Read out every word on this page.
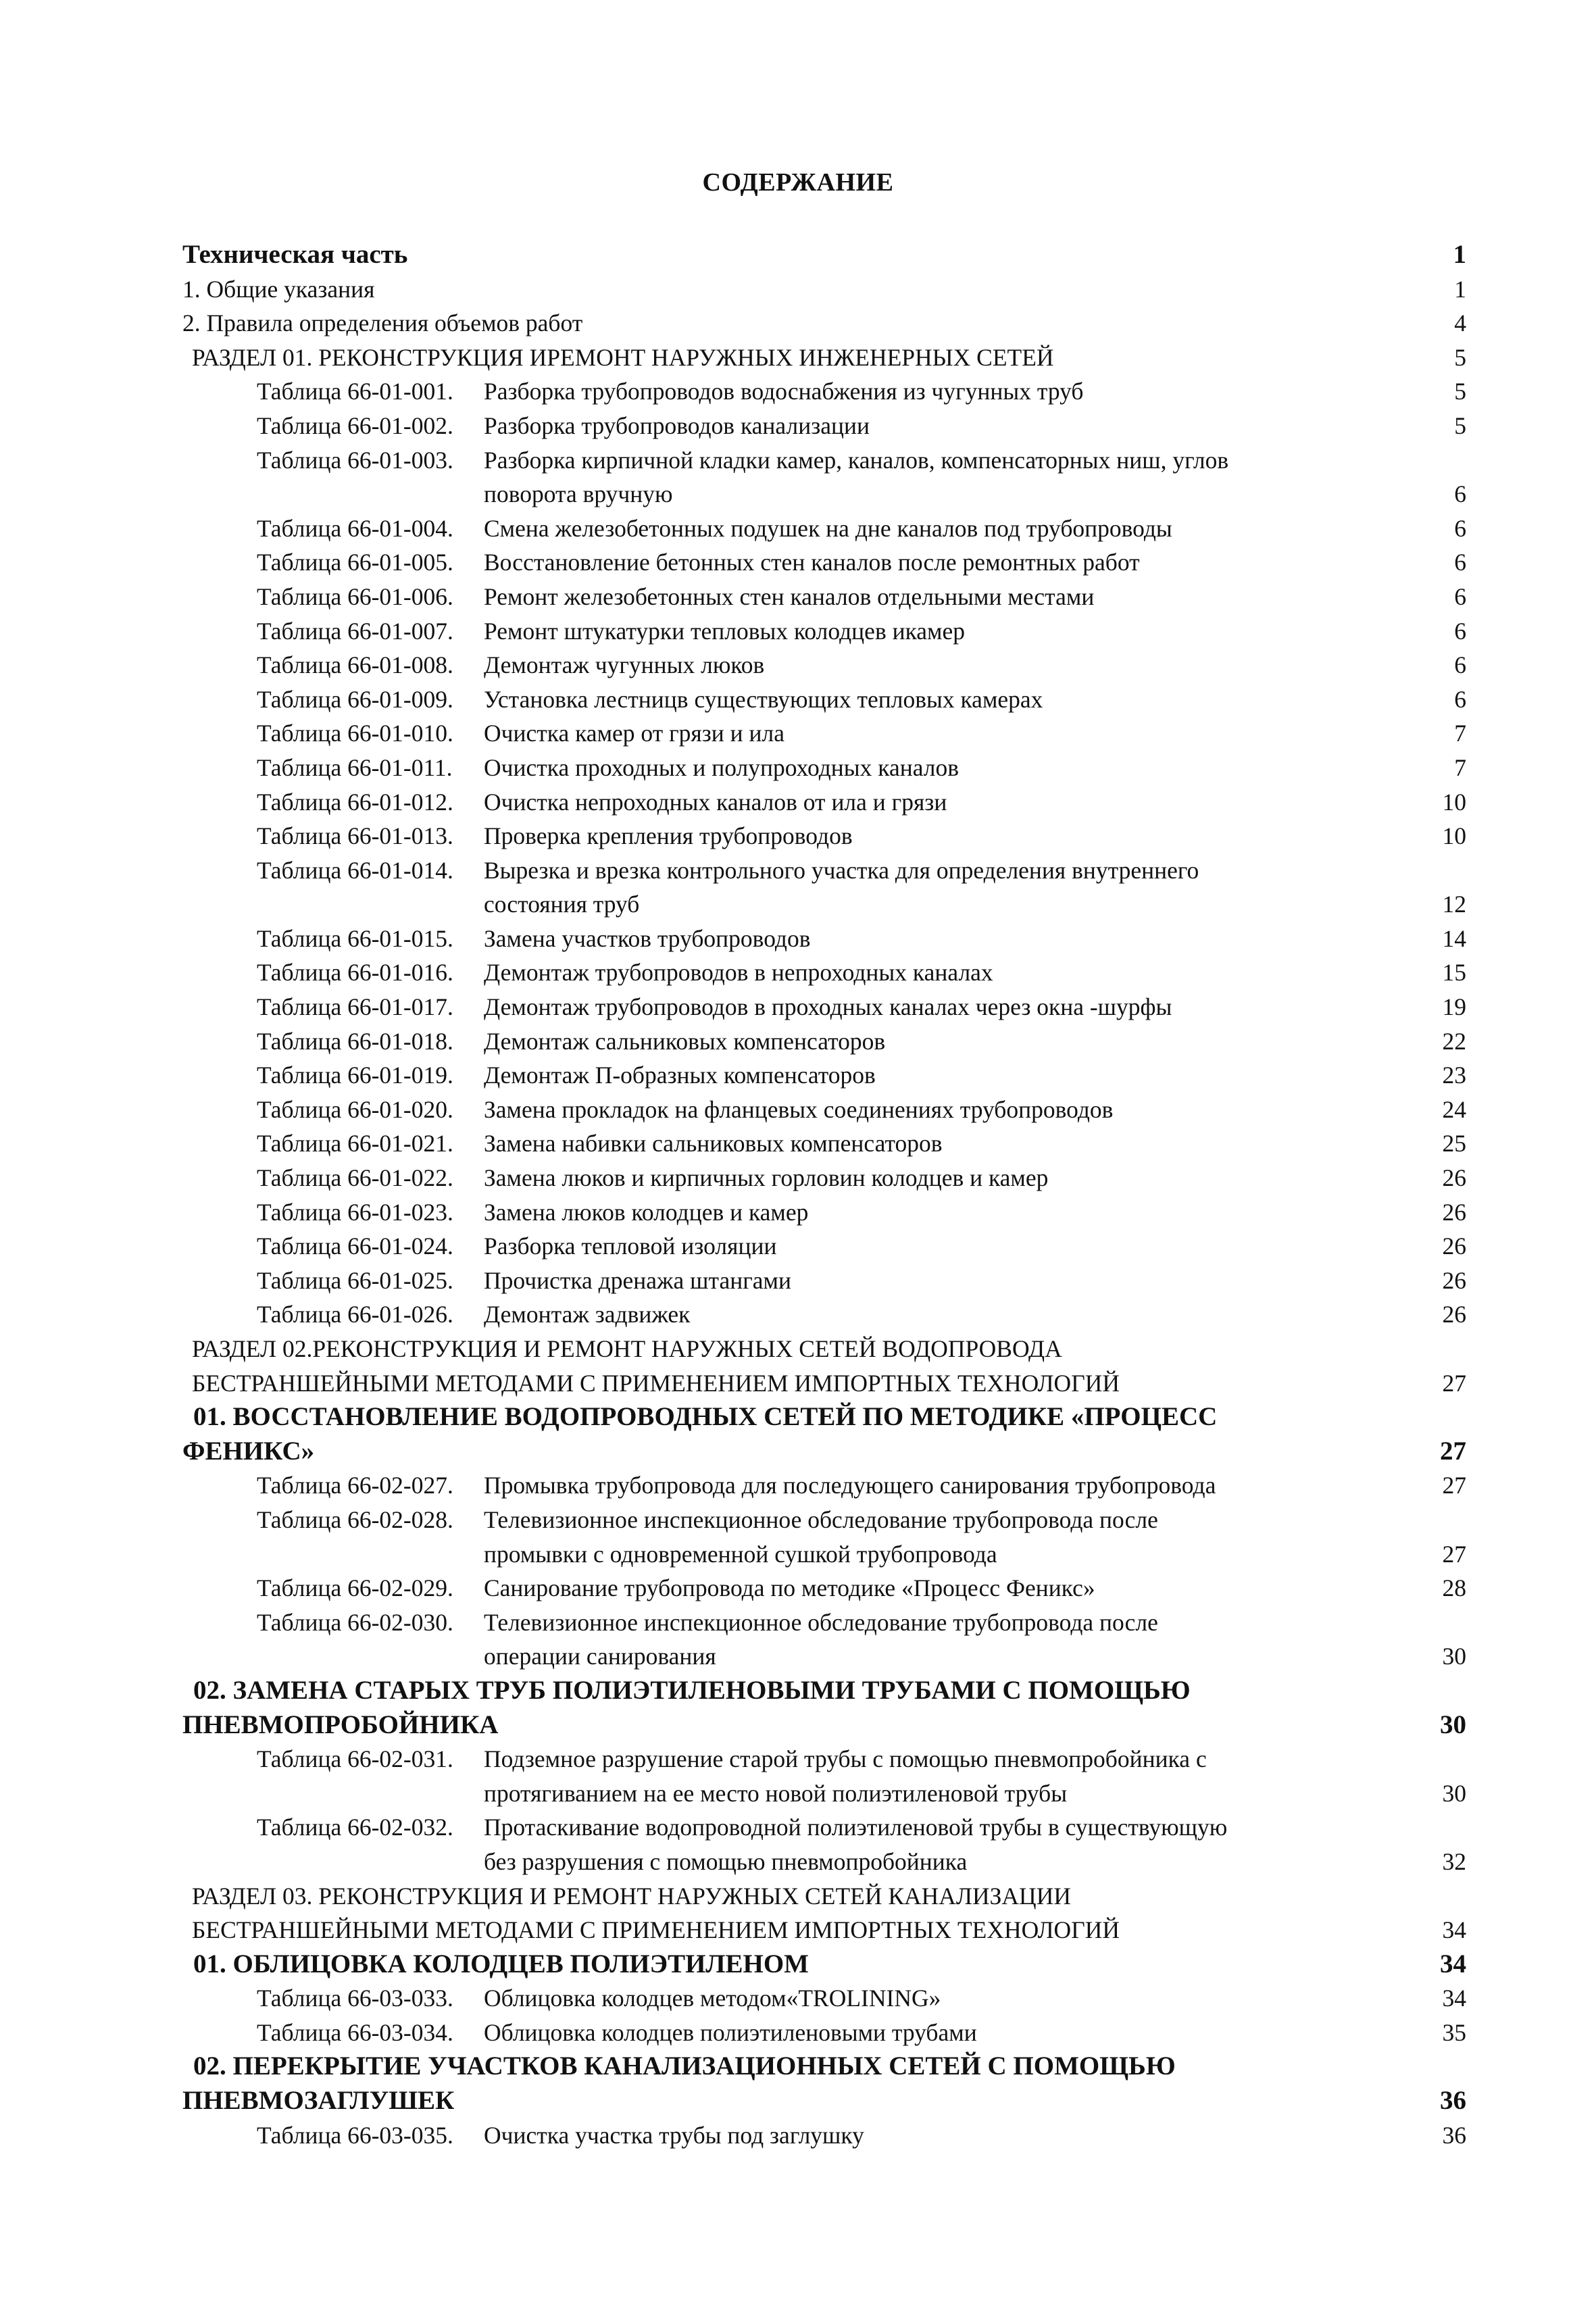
СОДЕРЖАНИЕ
Техническая часть	1
1. Общие указания	1
2. Правила определения объемов работ	4
РАЗДЕЛ 01. РЕКОНСТРУКЦИЯ ИРЕМОНТ НАРУЖНЫХ ИНЖЕНЕРНЫХ СЕТЕЙ	5
Таблица 66-01-001.	Разборка трубопроводов водоснабжения из чугунных труб	5
Таблица 66-01-002.	Разборка трубопроводов канализации	5
Таблица 66-01-003.	Разборка кирпичной кладки камер, каналов, компенсаторных ниш, углов
поворота вручную	6
Таблица 66-01-004.	Смена железобетонных подушек на дне каналов под трубопроводы	6
Таблица 66-01-005.	Восстановление бетонных стен каналов после ремонтных работ	6
Таблица 66-01-006.	Ремонт железобетонных стен каналов отдельными местами	6
Таблица 66-01-007.	Ремонт штукатурки тепловых колодцев икамер	6
Таблица 66-01-008.	Демонтаж чугунных люков	6
Таблица 66-01-009.	Установка лестницв существующих тепловых камерах	6
Таблица 66-01-010.	Очистка камер от грязи и ила	7
Таблица 66-01-011.	Очистка проходных и полупроходных каналов	7
Таблица 66-01-012.	Очистка непроходных каналов от ила и грязи	10
Таблица 66-01-013.	Проверка крепления трубопроводов	10
Таблица 66-01-014.	Вырезка и врезка контрольного участка для определения внутреннего
состояния труб	12
Таблица 66-01-015.	Замена участков трубопроводов	14
Таблица 66-01-016.	Демонтаж трубопроводов в непроходных каналах	15
Таблица 66-01-017.	Демонтаж трубопроводов в проходных каналах через окна -шурфы	19
Таблица 66-01-018.	Демонтаж сальниковых компенсаторов	22
Таблица 66-01-019.	Демонтаж П-образных компенсаторов	23
Таблица 66-01-020.	Замена прокладок на фланцевых соединениях трубопроводов	24
Таблица 66-01-021.	Замена набивки сальниковых компенсаторов	25
Таблица 66-01-022.	Замена люков и кирпичных горловин колодцев и камер	26
Таблица 66-01-023.	Замена люков колодцев и камер	26
Таблица 66-01-024.	Разборка тепловой изоляции	26
Таблица 66-01-025.	Прочистка дренажа штангами	26
Таблица 66-01-026.	Демонтаж задвижек	26
РАЗДЕЛ 02.РЕКОНСТРУКЦИЯ И РЕМОНТ НАРУЖНЫХ СЕТЕЙ ВОДОПРОВОДА
БЕСТРАНШЕЙНЫМИ МЕТОДАМИ С ПРИМЕНЕНИЕМ ИМПОРТНЫХ ТЕХНОЛОГИЙ	27
01. ВОССТАНОВЛЕНИЕ ВОДОПРОВОДНЫХ СЕТЕЙ ПО МЕТОДИКЕ «ПРОЦЕСС
ФЕНИКС»	27
Таблица 66-02-027.	Промывка трубопровода для последующего санирования трубопровода	27
Таблица 66-02-028.	Телевизионное инспекционное обследование трубопровода после
промывки с одновременной сушкой трубопровода	27
Таблица 66-02-029.	Санирование трубопровода по методике «Процесс Феникс»	28
Таблица 66-02-030.	Телевизионное инспекционное обследование трубопровода после
операции санирования	30
02. ЗАМЕНА СТАРЫХ ТРУБ ПОЛИЭТИЛЕНОВЫМИ ТРУБАМИ С ПОМОЩЬЮ
ПНЕВМОПРОБОЙНИКА	30
Таблица 66-02-031.	Подземное разрушение старой трубы с помощью пневмопробойника с
протягиванием на ее место новой полиэтиленовой трубы	30
Таблица 66-02-032.	Протаскивание водопроводной полиэтиленовой трубы в существующую
без разрушения с помощью пневмопробойника	32
РАЗДЕЛ 03. РЕКОНСТРУКЦИЯ И РЕМОНТ НАРУЖНЫХ СЕТЕЙ КАНАЛИЗАЦИИ
БЕСТРАНШЕЙНЫМИ МЕТОДАМИ С ПРИМЕНЕНИЕМ ИМПОРТНЫХ ТЕХНОЛОГИЙ	34
01. ОБЛИЦОВКА КОЛОДЦЕВ ПОЛИЭТИЛЕНОМ	34
Таблица 66-03-033.	Облицовка колодцев методом«TROLINING»	34
Таблица 66-03-034.	Облицовка колодцев полиэтиленовыми трубами	35
02. ПЕРЕКРЫТИЕ УЧАСТКОВ КАНАЛИЗАЦИОННЫХ СЕТЕЙ С ПОМОЩЬЮ
ПНЕВМОЗАГЛУШЕК	36
Таблица 66-03-035.	Очистка участка трубы под заглушку	36
